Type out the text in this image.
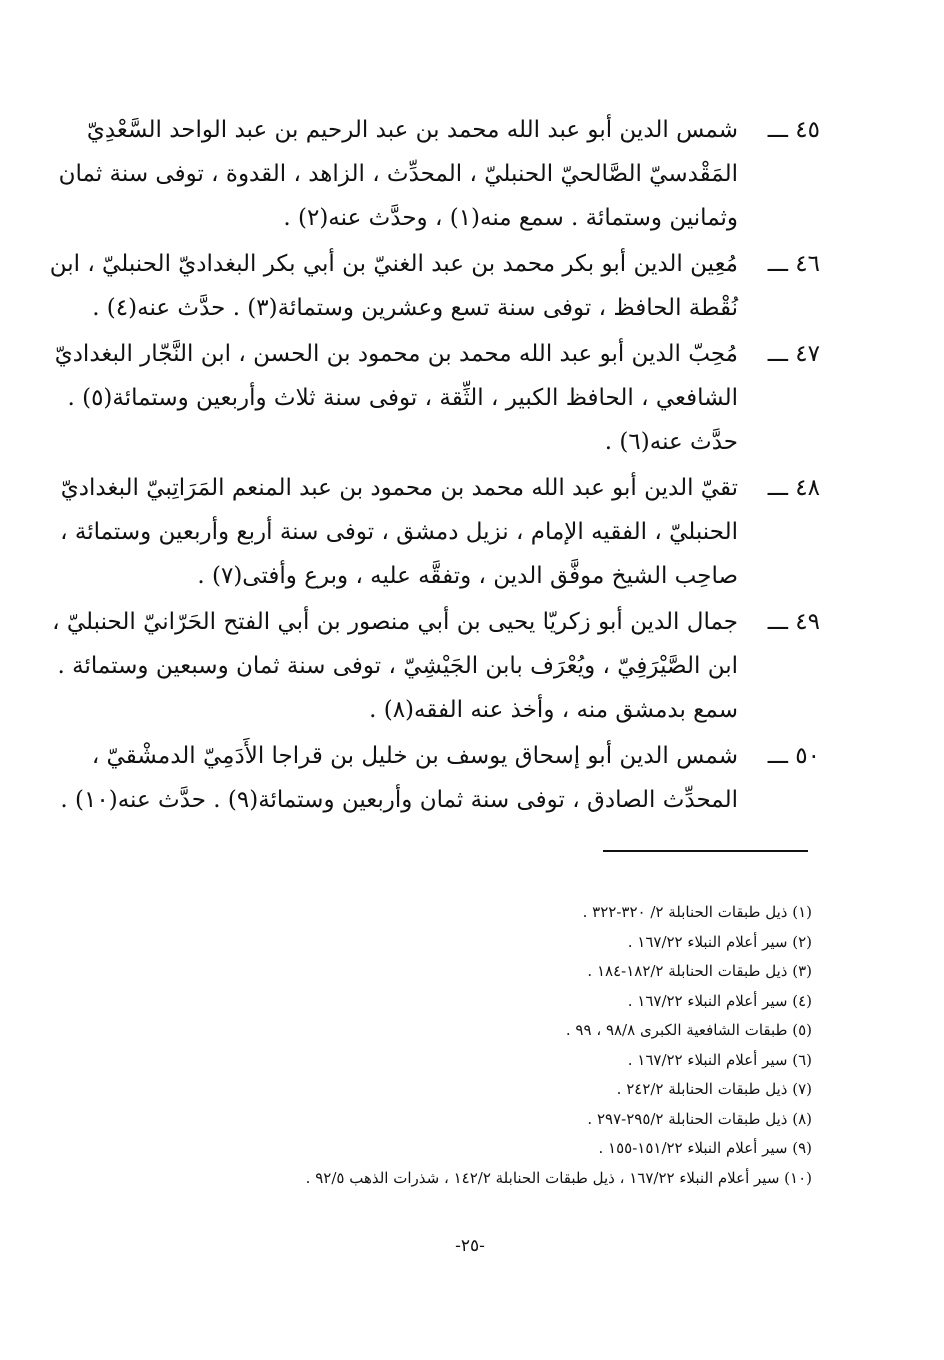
٤٥ ـــ
شمس الدين أبو عبد الله محمد بن عبد الرحيم بن عبد الواحد السَّعْدِيّ
المَقْدسيّ الصَّالحيّ الحنبليّ ، المحدِّث ، الزاهد ، القدوة ، توفى سنة ثمان
وثمانين وستمائة . سمع منه(١) ، وحدَّث عنه(٢) .
٤٦ ـــ
مُعِين الدين أبو بكر محمد بن عبد الغنيّ بن أبي بكر البغداديّ الحنبليّ ، ابن
نُقْطة الحافظ ، توفى سنة تسع وعشرين وستمائة(٣) . حدَّث عنه(٤) .
٤٧ ـــ
مُحِبّ الدين أبو عبد الله محمد بن محمود بن الحسن ، ابن النَّجّار البغداديّ
الشافعي ، الحافظ الكبير ، الثِّقة ، توفى سنة ثلاث وأربعين وستمائة(٥) .
حدَّث عنه(٦) .
٤٨ ـــ
تقيّ الدين أبو عبد الله محمد بن محمود بن عبد المنعم المَرَاتِبيّ البغداديّ
الحنبليّ ، الفقيه الإمام ، نزيل دمشق ، توفى سنة أربع وأربعين وستمائة ،
صاحِب الشيخ موفَّق الدين ، وتفقَّه عليه ، وبرع وأفتى(٧) .
٤٩ ـــ
جمال الدين أبو زكريّا يحيى بن أبي منصور بن أبي الفتح الحَرّانيّ الحنبليّ ،
ابن الصَّيْرَفِيّ ، ويُعْرَف بابن الجَيْشِيّ ، توفى سنة ثمان وسبعين وستمائة .
سمع بدمشق منه ، وأخذ عنه الفقه(٨) .
٥٠ ـــ
شمس الدين أبو إسحاق يوسف بن خليل بن قراجا الأَدَمِيّ الدمشْقيّ ،
المحدِّث الصادق ، توفى سنة ثمان وأربعين وستمائة(٩) . حدَّث عنه(١٠) .
(١) ذيل طبقات الحنابلة ٢/ ٣٢٠-٣٢٢ .
(٢) سير أعلام النبلاء ١٦٧/٢٢ .
(٣) ذيل طبقات الحنابلة ١٨٢/٢-١٨٤ .
(٤) سير أعلام النبلاء ١٦٧/٢٢ .
(٥) طبقات الشافعية الكبرى ٩٨/٨ ، ٩٩ .
(٦) سير أعلام النبلاء ١٦٧/٢٢ .
(٧) ذيل طبقات الحنابلة ٢٤٢/٢ .
(٨) ذيل طبقات الحنابلة ٢٩٥/٢-٢٩٧ .
(٩) سير أعلام النبلاء ١٥١/٢٢-١٥٥ .
(١٠) سير أعلام النبلاء ١٦٧/٢٢ ، ذيل طبقات الحنابلة ١٤٢/٢ ، شذرات الذهب ٩٢/٥ .
-٢٥-
